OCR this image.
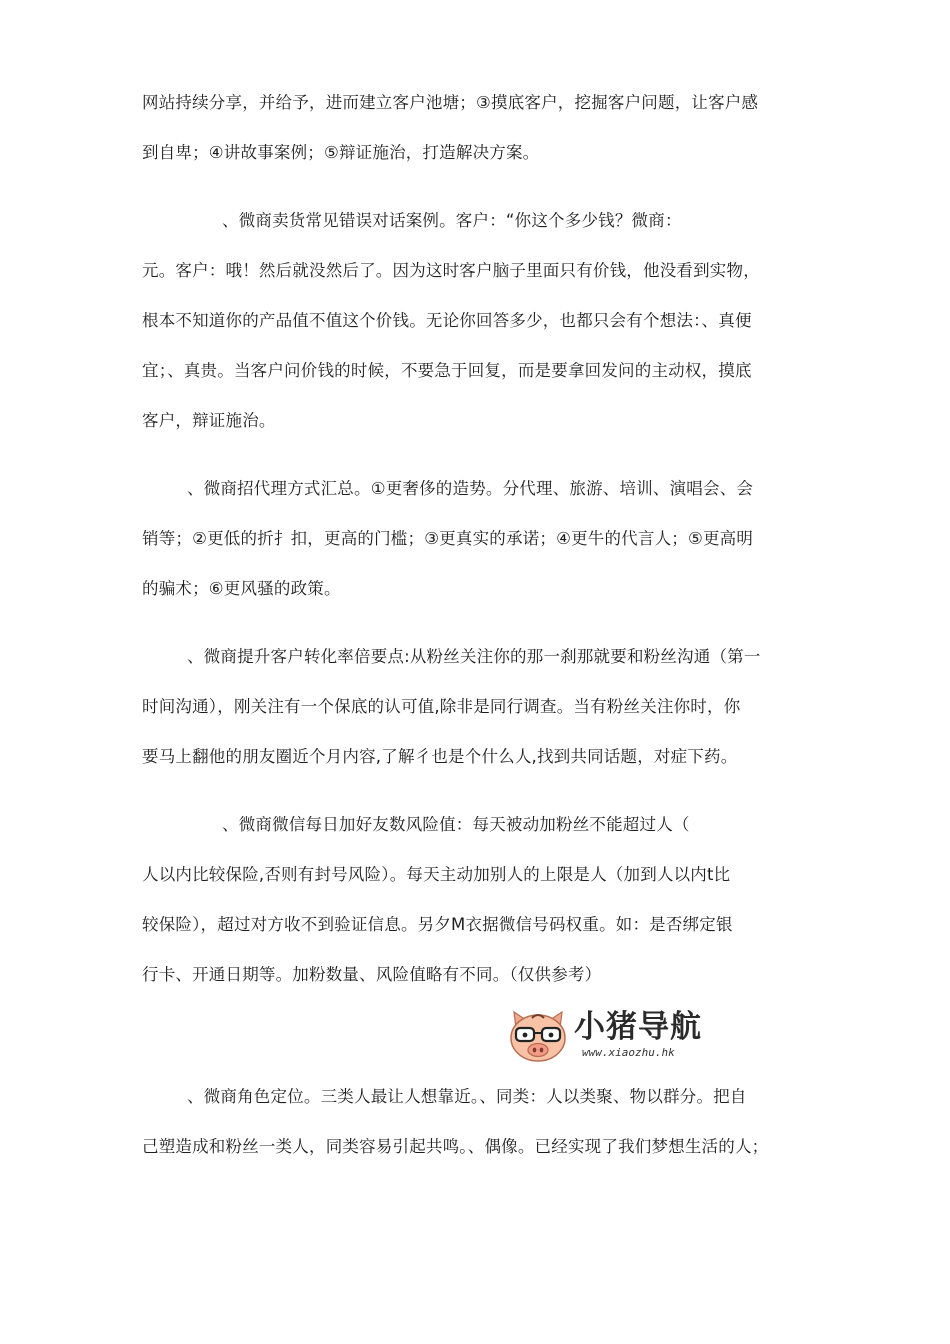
网站持续分享，并给予，进而建立客户池塘；③摸底客户，挖掘客户问题，让客户感
到自卑；④讲故事案例；⑤辩证施治，打造解决方案。
、微商卖货常见错误对话案例。客户：“你这个多少钱？微商：
元。客户：哦！然后就没然后了。因为这时客户脑子里面只有价钱，他没看到实物，
根本不知道你的产品值不值这个价钱。无论你回答多少，也都只会有个想法：、真便
宜；、真贵。当客户问价钱的时候，不要急于回复，而是要拿回发问的主动权，摸底
客户，辩证施治。
、微商招代理方式汇总。①更奢侈的造势。分代理、旅游、培训、演唱会、会
销等；②更低的折扌扣，更高的门槛；③更真实的承诺；④更牛的代言人；⑤更高明
的骗术；⑥更风骚的政策。
、微商提升客户转化率倍要点:从粉丝关注你的那一刹那就要和粉丝沟通（第一
时间沟通），刚关注有一个保底的认可值,除非是同行调查。当有粉丝关注你时，你
要马上翻他的朋友圈近个月内容,了解彳也是个什么人,找到共同话题，对症下药。
、微商微信每日加好友数风险值：每天被动加粉丝不能超过人（
人以内比较保险,否则有封号风险）。每天主动加别人的上限是人（加到人以内t比
较保险），超过对方收不到验证信息。另夕M衣据微信号码权重。如：是否绑定银
行卡、开通日期等。加粉数量、风险值略有不同。（仅供参考）
小猪导航
www.xiaozhu.hk
、微商角色定位。三类人最让人想靠近。、同类：人以类聚、物以群分。把自
己塑造成和粉丝一类人，同类容易引起共鸣。、偶像。已经实现了我们梦想生活的人；
